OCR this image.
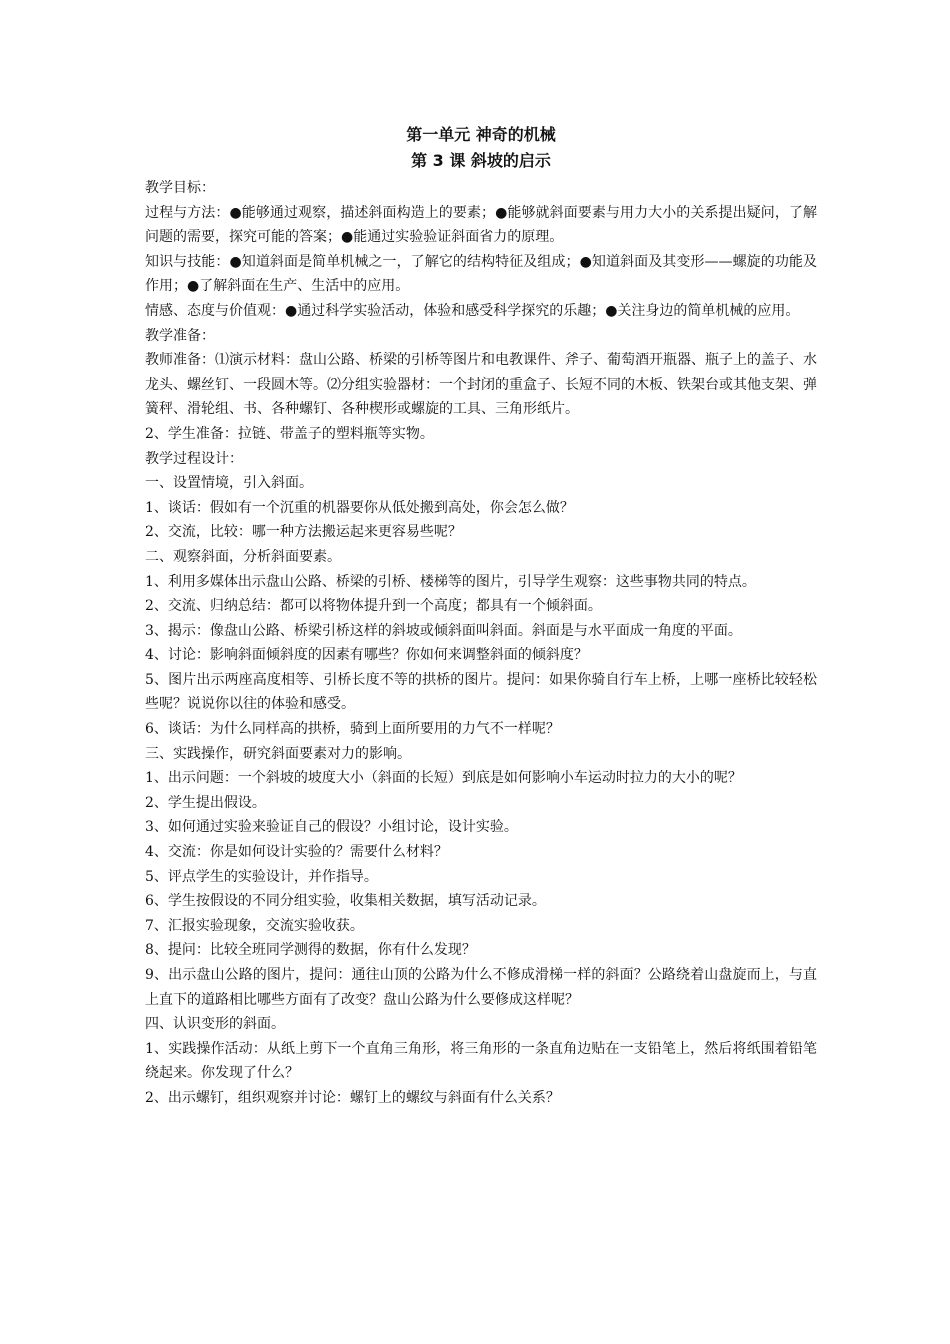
第一单元 神奇的机械
第 3 课 斜坡的启示

教学目标：

过程与方法：●能够通过观察，描述斜面构造上的要素；●能够就斜面要素与用力大小的关系提出疑问，了解问题的需要，探究可能的答案；●能通过实验验证斜面省力的原理。

知识与技能：●知道斜面是简单机械之一，了解它的结构特征及组成；●知道斜面及其变形——螺旋的功能及作用；●了解斜面在生产、生活中的应用。

情感、态度与价值观：●通过科学实验活动，体验和感受科学探究的乐趣；●关注身边的简单机械的应用。

教学准备：

教师准备：⑴演示材料：盘山公路、桥梁的引桥等图片和电教课件、斧子、葡萄酒开瓶器、瓶子上的盖子、水龙头、螺丝钉、一段圆木等。⑵分组实验器材：一个封闭的重盒子、长短不同的木板、铁架台或其他支架、弹簧秤、滑轮组、书、各种螺钉、各种楔形或螺旋的工具、三角形纸片。

2、学生准备：拉链、带盖子的塑料瓶等实物。

教学过程设计：

一、设置情境，引入斜面。

1、谈话：假如有一个沉重的机器要你从低处搬到高处，你会怎么做？

2、交流，比较：哪一种方法搬运起来更容易些呢？

二、观察斜面，分析斜面要素。

1、利用多媒体出示盘山公路、桥梁的引桥、楼梯等的图片，引导学生观察：这些事物共同的特点。

2、交流、归纳总结：都可以将物体提升到一个高度；都具有一个倾斜面。

3、揭示：像盘山公路、桥梁引桥这样的斜坡或倾斜面叫斜面。斜面是与水平面成一角度的平面。

4、讨论：影响斜面倾斜度的因素有哪些？你如何来调整斜面的倾斜度？

5、图片出示两座高度相等、引桥长度不等的拱桥的图片。提问：如果你骑自行车上桥，上哪一座桥比较轻松些呢？说说你以往的体验和感受。

6、谈话：为什么同样高的拱桥，骑到上面所要用的力气不一样呢？

三、实践操作，研究斜面要素对力的影响。

1、出示问题：一个斜坡的坡度大小（斜面的长短）到底是如何影响小车运动时拉力的大小的呢？

2、学生提出假设。

3、如何通过实验来验证自己的假设？小组讨论，设计实验。

4、交流：你是如何设计实验的？需要什么材料？

5、评点学生的实验设计，并作指导。

6、学生按假设的不同分组实验，收集相关数据，填写活动记录。

7、汇报实验现象，交流实验收获。

8、提问：比较全班同学测得的数据，你有什么发现？

9、出示盘山公路的图片，提问：通往山顶的公路为什么不修成滑梯一样的斜面？公路绕着山盘旋而上，与直上直下的道路相比哪些方面有了改变？盘山公路为什么要修成这样呢？

四、认识变形的斜面。

1、实践操作活动：从纸上剪下一个直角三角形，将三角形的一条直角边贴在一支铅笔上，然后将纸围着铅笔绕起来。你发现了什么？

2、出示螺钉，组织观察并讨论：螺钉上的螺纹与斜面有什么关系？
